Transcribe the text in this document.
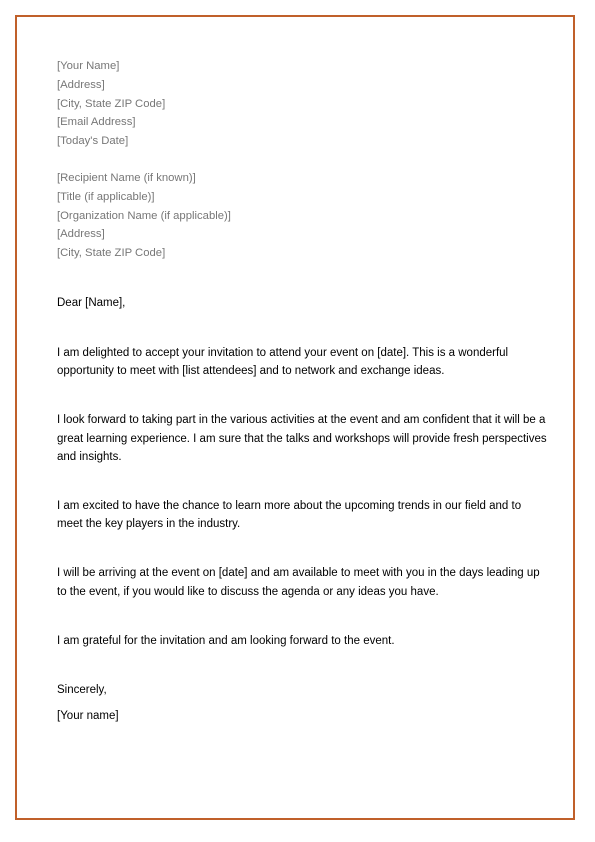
[Your Name]
[Address]
[City, State ZIP Code]
[Email Address]
[Today's Date]
[Recipient Name (if known)]
[Title (if applicable)]
[Organization Name (if applicable)]
[Address]
[City, State ZIP Code]
Dear [Name],

I am delighted to accept your invitation to attend your event on [date]. This is a wonderful opportunity to meet with [list attendees] and to network and exchange ideas.

I look forward to taking part in the various activities at the event and am confident that it will be a great learning experience. I am sure that the talks and workshops will provide fresh perspectives and insights.

I am excited to have the chance to learn more about the upcoming trends in our field and to meet the key players in the industry.

I will be arriving at the event on [date] and am available to meet with you in the days leading up to the event, if you would like to discuss the agenda or any ideas you have.

I am grateful for the invitation and am looking forward to the event.

Sincerely,
[Your name]
